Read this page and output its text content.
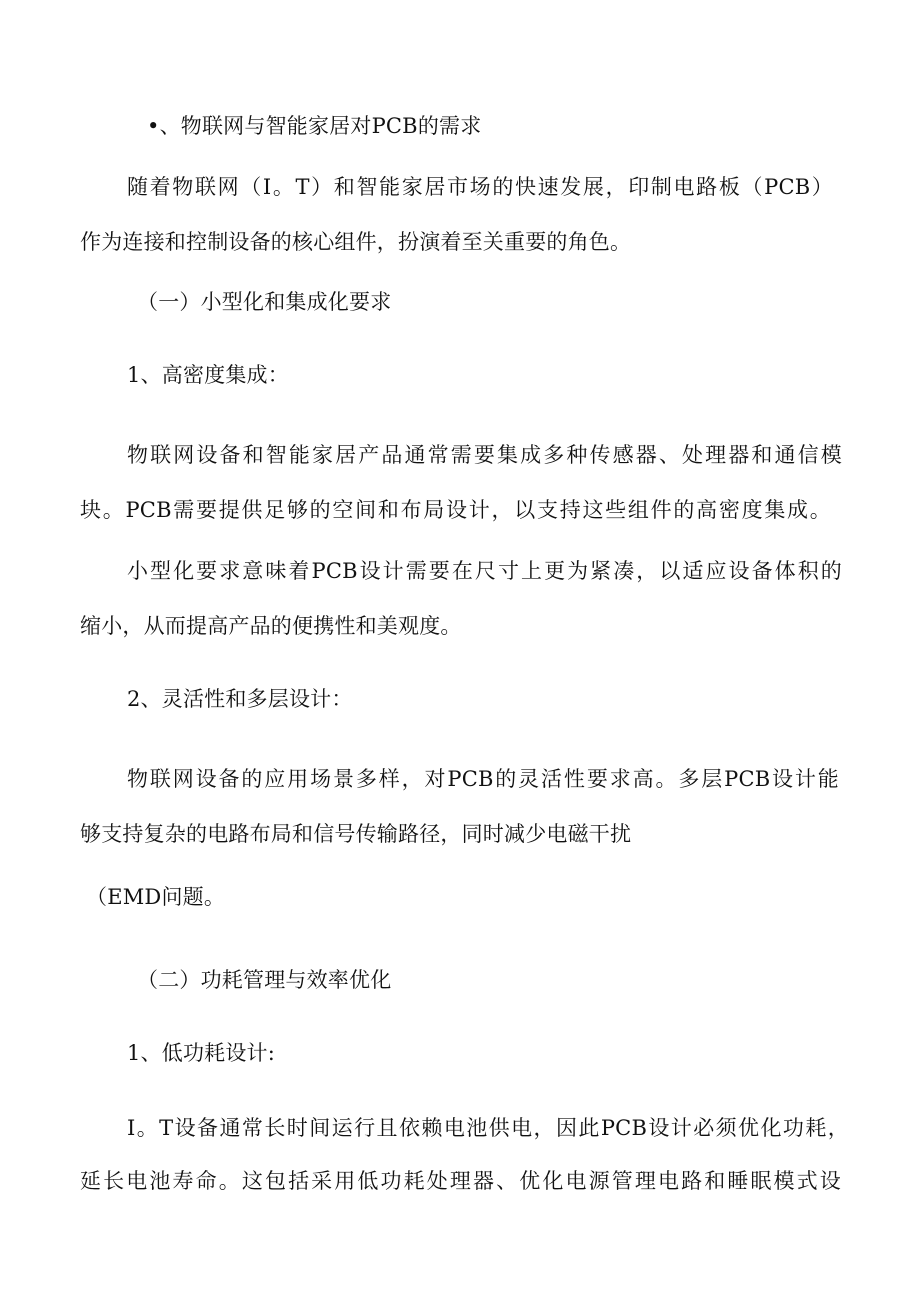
•、物联网与智能家居对PCB的需求
随着物联网（I。T）和智能家居市场的快速发展，印制电路板（PCB）
作为连接和控制设备的核心组件，扮演着至关重要的角色。
（一）小型化和集成化要求
1、高密度集成：
物联网设备和智能家居产品通常需要集成多种传感器、处理器和通信模
块。PCB需要提供足够的空间和布局设计，以支持这些组件的高密度集成。
小型化要求意味着PCB设计需要在尺寸上更为紧凑，以适应设备体积的
缩小，从而提高产品的便携性和美观度。
2、灵活性和多层设计：
物联网设备的应用场景多样，对PCB的灵活性要求高。多层PCB设计能
够支持复杂的电路布局和信号传输路径，同时减少电磁干扰
（EMD问题。
（二）功耗管理与效率优化
1、低功耗设计:
I。T设备通常长时间运行且依赖电池供电，因此PCB设计必须优化功耗，
延长电池寿命。这包括采用低功耗处理器、优化电源管理电路和睡眠模式设
